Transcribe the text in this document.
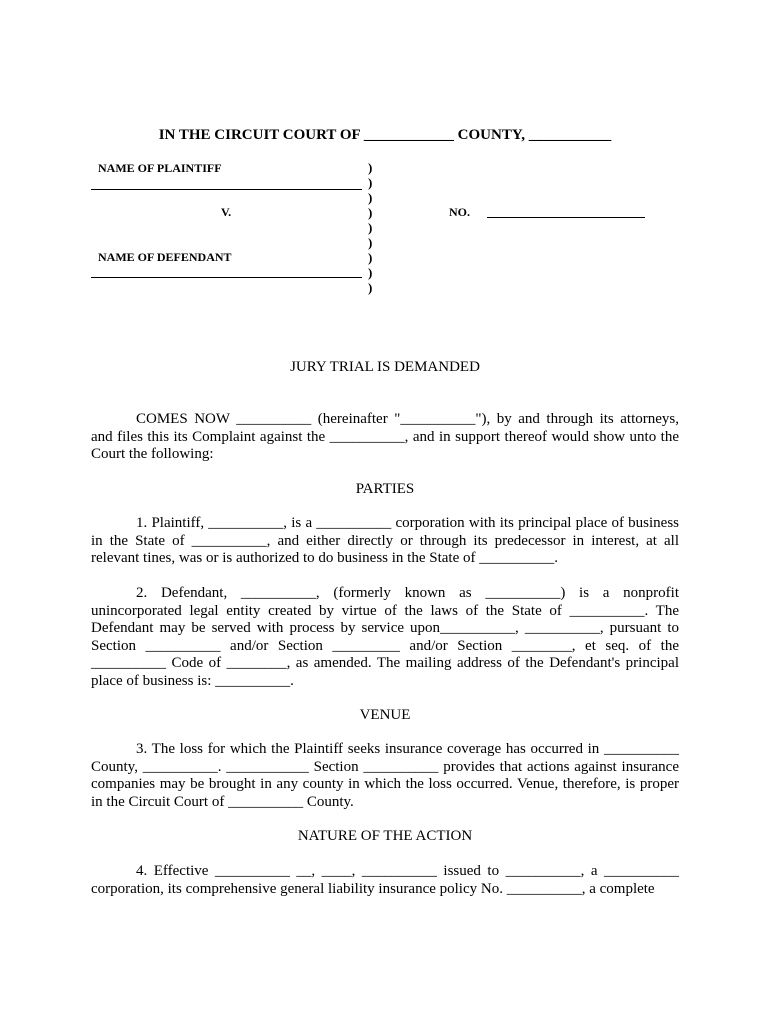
IN THE CIRCUIT COURT OF ____________ COUNTY, ___________
NAME OF PLAINTIFF
V.
NAME OF DEFENDANT
)
)
)
)
)
)
)
)
)
NO.
JURY TRIAL IS DEMANDED
COMES NOW __________ (hereinafter "__________"), by and through its attorneys, and files this its Complaint against the __________, and in support thereof would show unto the Court the following:
PARTIES
1. Plaintiff, __________, is a __________ corporation with its principal place of business in the State of __________, and either directly or through its predecessor in interest, at all relevant tines, was or is authorized to do business in the State of __________.
2. Defendant, __________, (formerly known as __________) is a nonprofit unincorporated legal entity created by virtue of the laws of the State of __________. The Defendant may be served with process by service upon__________, __________, pursuant to Section __________ and/or Section _________ and/or Section ________, et seq. of the __________ Code of ________, as amended. The mailing address of the Defendant's principal place of business is: __________.
VENUE
3. The loss for which the Plaintiff seeks insurance coverage has occurred in __________ County, __________. ___________ Section __________ provides that actions against insurance companies may be brought in any county in which the loss occurred. Venue, therefore, is proper in the Circuit Court of __________ County.
NATURE OF THE ACTION
4. Effective __________ __, ____, __________ issued to __________, a __________ corporation, its comprehensive general liability insurance policy No. __________, a complete
